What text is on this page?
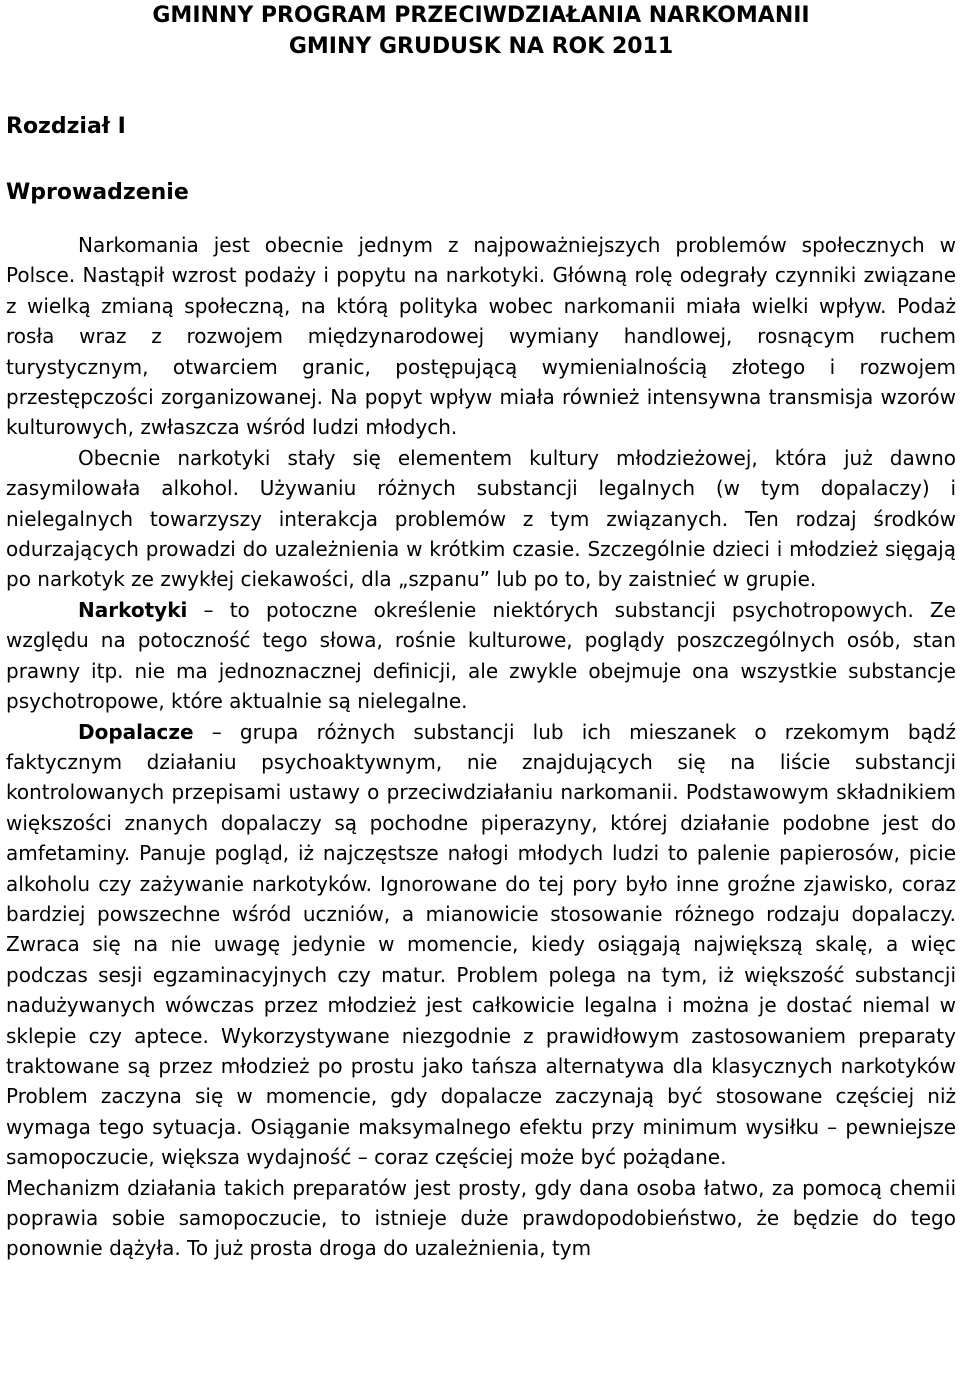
GMINNY PROGRAM PRZECIWDZIAŁANIA NARKOMANII
GMINY GRUDUSK NA ROK 2011
Rozdział I
Wprowadzenie

Narkomania jest obecnie jednym z najpoważniejszych problemów społecznych w Polsce. Nastąpił wzrost podaży i popytu na narkotyki. Główną rolę odegrały czynniki związane z wielką zmianą społeczną, na którą polityka wobec narkomanii miała wielki wpływ. Podaż rosła wraz z rozwojem międzynarodowej wymiany handlowej, rosnącym ruchem turystycznym, otwarciem granic, postępującą wymienialnością złotego i rozwojem przestępczości zorganizowanej. Na popyt wpływ miała również intensywna transmisja wzorów kulturowych, zwłaszcza wśród ludzi młodych.

Obecnie narkotyki stały się elementem kultury młodzieżowej, która już dawno zasymilowała alkohol. Używaniu różnych substancji legalnych (w tym dopalaczy) i nielegalnych towarzyszy interakcja problemów z tym związanych. Ten rodzaj środków odurzających prowadzi do uzależnienia w krótkim czasie. Szczególnie dzieci i młodzież sięgają po narkotyk ze zwykłej ciekawości, dla „szpanu” lub po to, by zaistnieć w grupie.

Narkotyki – to potoczne określenie niektórych substancji psychotropowych. Ze względu na potoczność tego słowa, rośnie kulturowe, poglądy poszczególnych osób, stan prawny itp. nie ma jednoznacznej definicji, ale zwykle obejmuje ona wszystkie substancje psychotropowe, które aktualnie są nielegalne.

Dopalacze – grupa różnych substancji lub ich mieszanek o rzekomym bądź faktycznym działaniu psychoaktywnym, nie znajdujących się na liście substancji kontrolowanych przepisami ustawy o przeciwdziałaniu narkomanii. Podstawowym składnikiem większości znanych dopalaczy są pochodne piperazyny, której działanie podobne jest do amfetaminy. Panuje pogląd, iż najczęstsze nałogi młodych ludzi to palenie papierosów, picie alkoholu czy zażywanie narkotyków. Ignorowane do tej pory było inne groźne zjawisko, coraz bardziej powszechne wśród uczniów, a mianowicie stosowanie różnego rodzaju dopalaczy. Zwraca się na nie uwagę jedynie w momencie, kiedy osiągają największą skalę, a więc podczas sesji egzaminacyjnych czy matur. Problem polega na tym, iż większość substancji nadużywanych wówczas przez młodzież jest całkowicie legalna i można je dostać niemal w sklepie czy aptece. Wykorzystywane niezgodnie z prawidłowym zastosowaniem preparaty traktowane są przez młodzież po prostu jako tańsza alternatywa dla klasycznych narkotyków Problem zaczyna się w momencie, gdy dopalacze zaczynają być stosowane częściej niż wymaga tego sytuacja. Osiąganie maksymalnego efektu przy minimum wysiłku – pewniejsze samopoczucie, większa wydajność – coraz częściej może być pożądane.

Mechanizm działania takich preparatów jest prosty, gdy dana osoba łatwo, za pomocą chemii poprawia sobie samopoczucie, to istnieje duże prawdopodobieństwo, że będzie do tego ponownie dążyła. To już prosta droga do uzależnienia, tym
